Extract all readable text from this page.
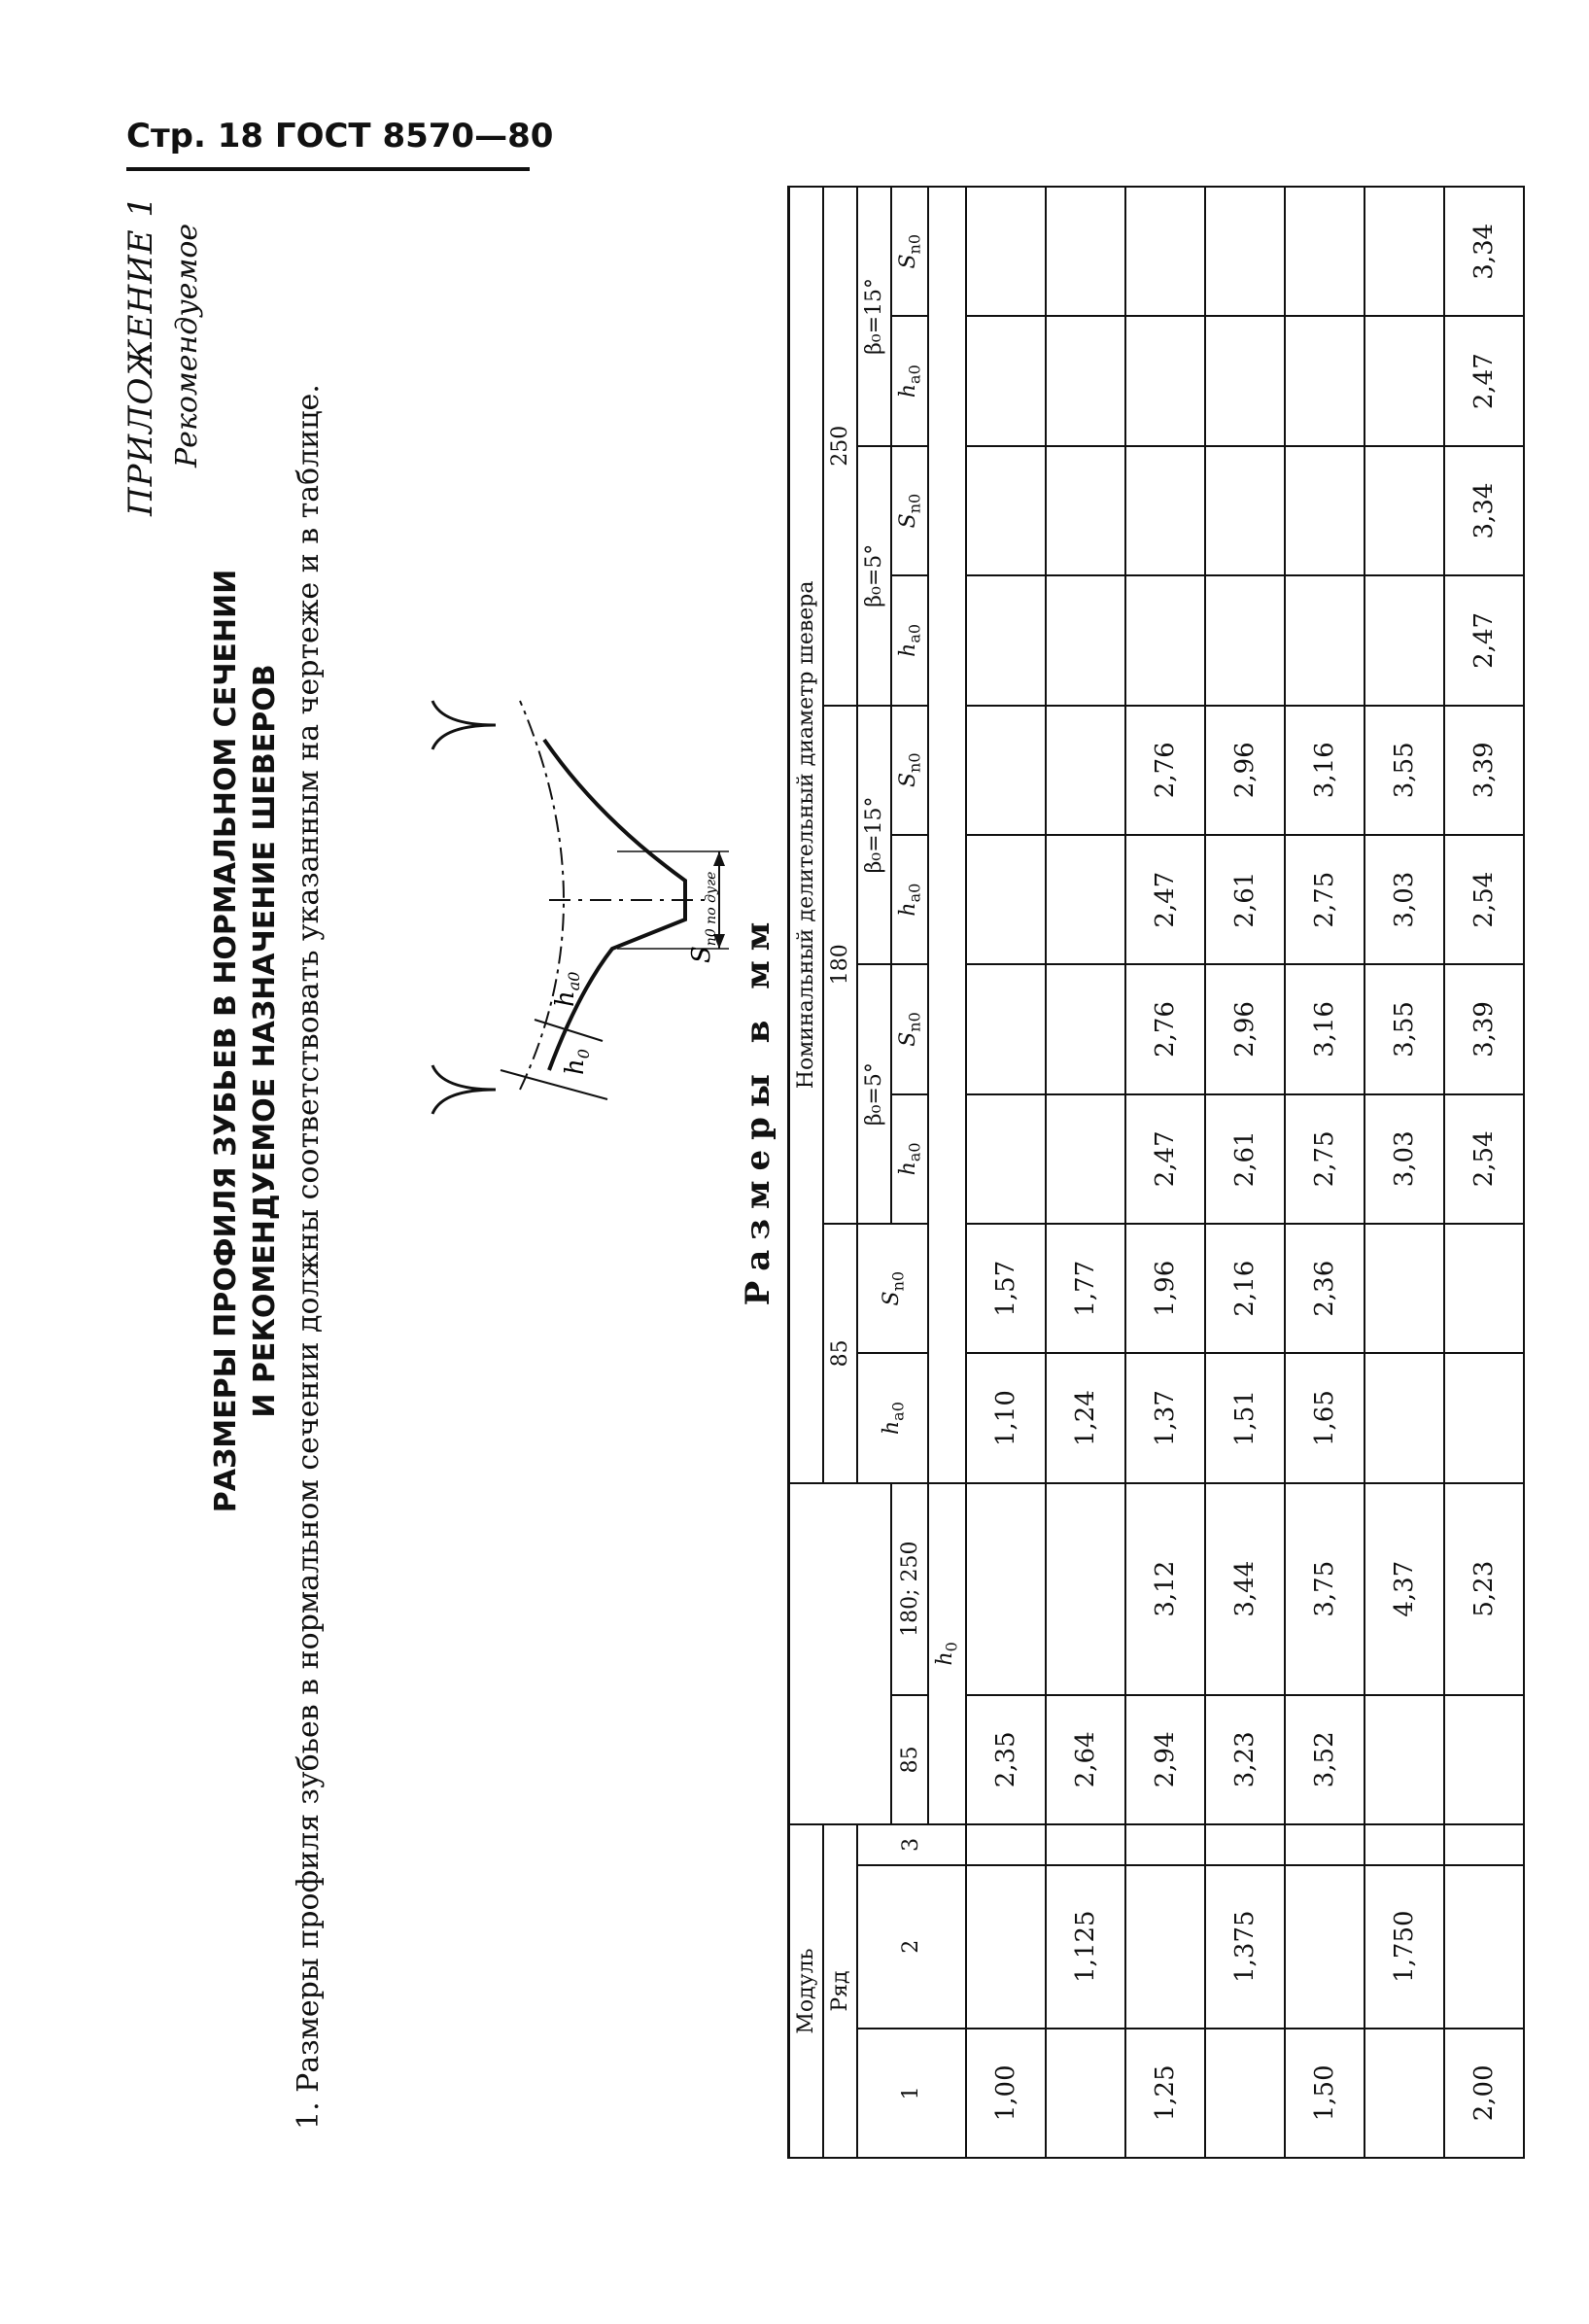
Стр. 18 ГОСТ 8570—80
ПРИЛОЖЕНИЕ 1 Рекомендуемое
РАЗМЕРЫ ПРОФИЛЯ ЗУБЬЕВ В НОРМАЛЬНОМ СЕЧЕНИИ И РЕКОМЕНДУЕМОЕ НАЗНАЧЕНИЕ ШЕВЕРОВ 1. Размеры профиля зубьев в нормальном сечении должны соответствовать указанным на чертеже и в таблице.	$h_{a0}$
$h_0$
$S_{n0 по дуге}$
Размеры в мм
Модуль					Номинальный делительный диаметр шевера									
Ряд					85		180				250			
1	2	3			$h_{a0}$	$S_{n0}$	β₀=5°		β₀=15°		β₀=5°		β₀=15°	
			85	180; 250			$h_{a0}$	$S_{n0}$	$h_{a0}$	$S_{n0}$	$h_{a0}$	$S_{n0}$	$h_{a0}$	$S_{n0}$
			$h_0$	
1,00			2,35		1,10	1,57								
	1,125		2,64		1,24	1,77								
1,25			2,94	3,12	1,37	1,96	2,47	2,76	2,47	2,76				
	1,375		3,23	3,44	1,51	2,16	2,61	2,96	2,61	2,96				
1,50			3,52	3,75	1,65	2,36	2,75	3,16	2,75	3,16				
	1,750			4,37			3,03	3,55	3,03	3,55				
2,00				5,23			2,54	3,39	2,54	3,39	2,47	3,34	2,47	3,34
